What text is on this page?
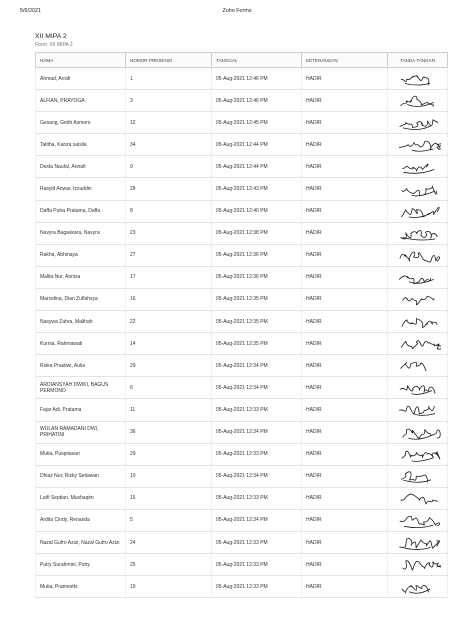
5/6/2021	Zoho Forms
XII MIPA 2
Form: XII MIPA 2
NAMA	NOMOR PRESENSI	TANGGAL	KETERANGAN	TANDA TANGAN
Ahmad, Arrafi	1	05-Aug-2021 12:46 PM	HADIR	

ALFIAN, PRAYOGA	3	05-Aug-2021 12:46 PM	HADIR	

Gesang, Getih Asmoro	12	05-Aug-2021 12:45 PM	HADIR	

Talitha, Kanza salsila	34	05-Aug-2021 12:44 PM	HADIR	

Desta Naufal, Annafi	9	05-Aug-2021 12:44 PM	HADIR	

Rasyid Anwar, Izzuddin	28	05-Aug-2021 12:43 PM	HADIR	

Daffa Putra Pratama, Daffa	8	05-Aug-2021 12:40 PM	HADIR	

Navyra Bagaskara, Navyra	23	05-Aug-2021 12:38 PM	HADIR	

Rakha, Abhinaya	27	05-Aug-2021 12:36 PM	HADIR	

Malita Nur, Annisa	17	05-Aug-2021 12:36 PM	HADIR	

Marcelina, Dian Zulfahsya	16	05-Aug-2021 12:35 PM	HADIR	

Nasywa Zahra, Malihah	22	05-Aug-2021 12:35 PM	HADIR	

Kurnia, Rahmawati	14	05-Aug-2021 12:35 PM	HADIR	

Riska Prastiwi, Aulia	29	05-Aug-2021 12:34 PM	HADIR	

ARDIANSYAH DWIKI, BAGUS PERMONO	6	05-Aug-2021 12:34 PM	HADIR	

Fajar Adi, Pratama	11	05-Aug-2021 12:33 PM	HADIR	

WULAN RAMADANI DWI, PRIHATINI	36	05-Aug-2021 12:34 PM	HADIR	

Mutia, Puspitasari	29	05-Aug-2021 12:33 PM	HADIR	

Dhiaz Nur, Rizky Setiawan	10	05-Aug-2021 12:34 PM	HADIR	

Lutfi Septian, Mushaqim	15	05-Aug-2021 12:33 PM	HADIR	

Ardita Cindy, Renanda	5	05-Aug-2021 12:34 PM	HADIR	

Nazal Gufro Azizi, Nazal Gufro Azizi	24	05-Aug-2021 12:33 PM	HADIR	

Putry Surahmini, Putry	25	05-Aug-2021 12:33 PM	HADIR	

Mutia, Pramesthi	19	05-Aug-2021 12:33 PM	HADIR	
